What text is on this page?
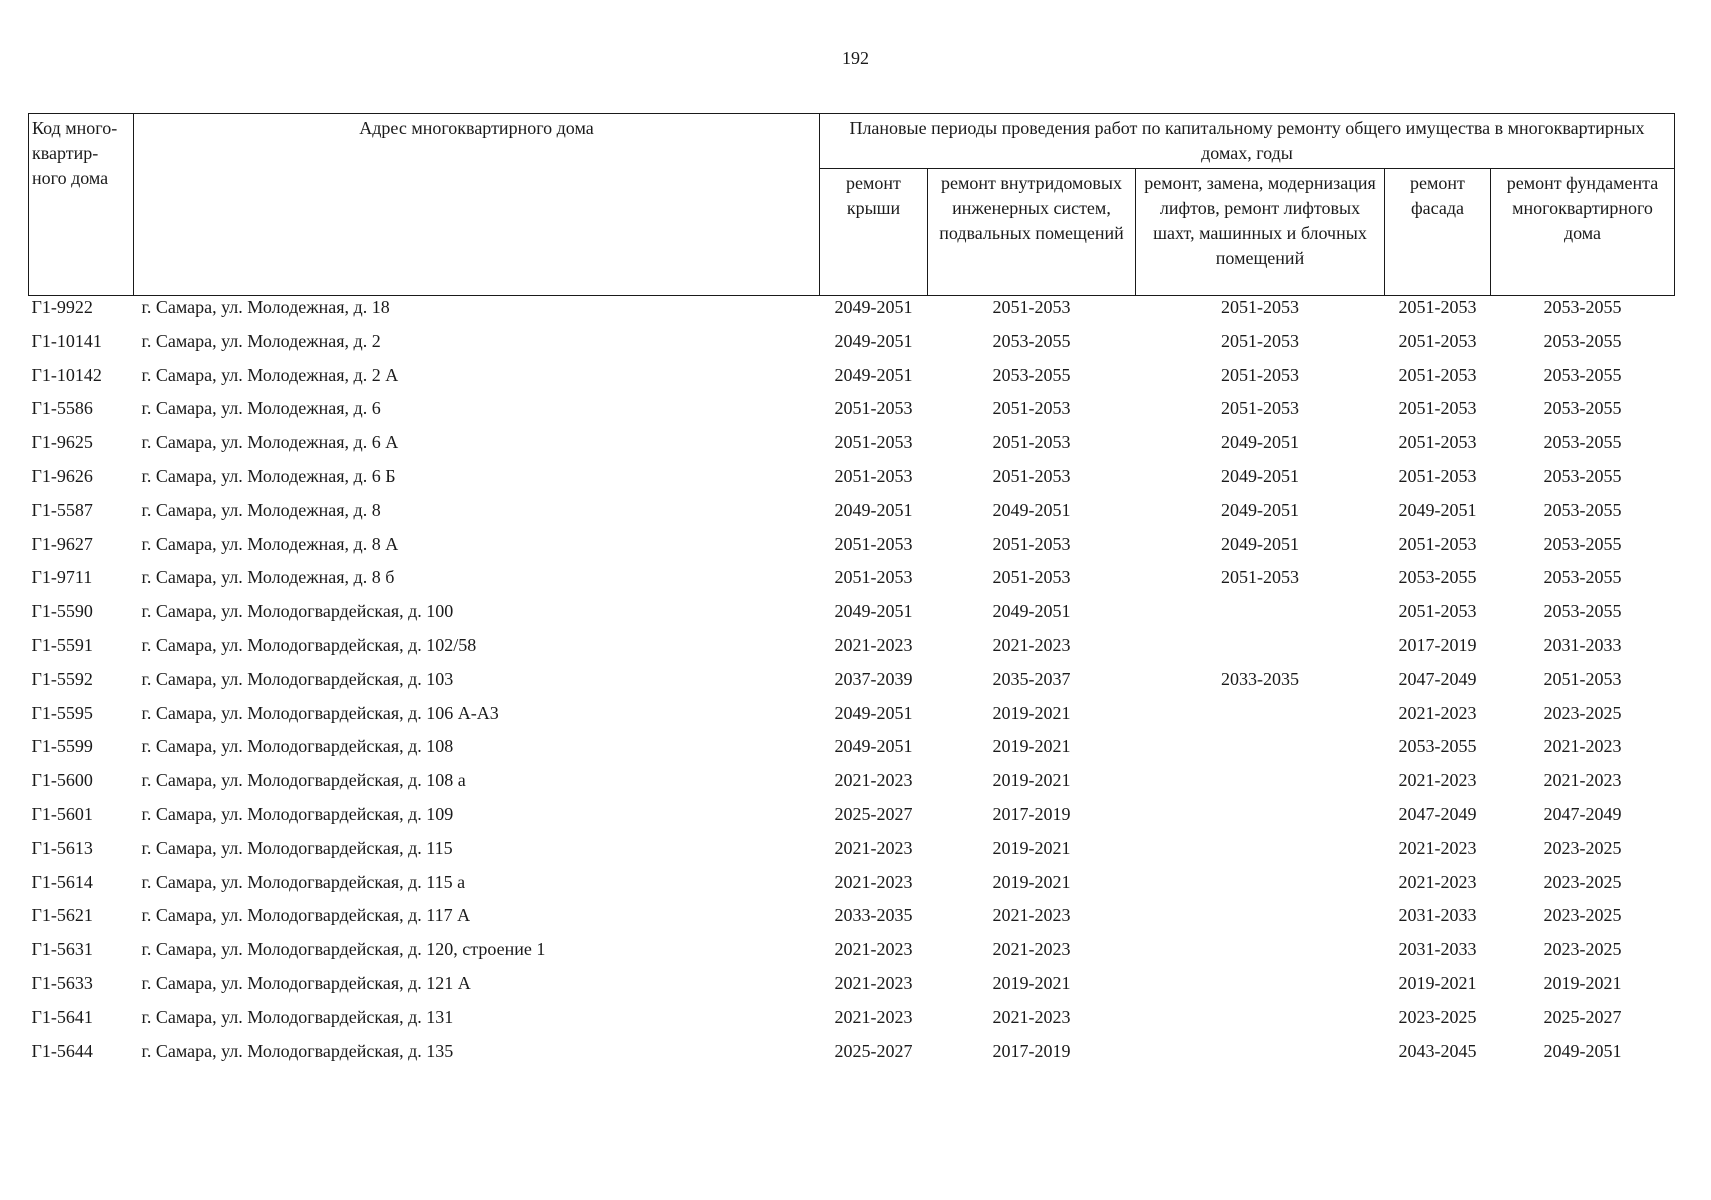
192
Код много-квартир-ного дома	Адрес многоквартирного дома	Плановые периоды проведения работ по капитальному ремонту общего имущества в многоквартирных домах, годы				
		ремонт крыши	ремонт внутридомовых инженерных систем, подвальных помещений	ремонт, замена, модернизация лифтов, ремонт лифтовых шахт, машинных и блочных помещений	ремонт фасада	ремонт фундамента многоквартирного дома
Г1-9922	г. Самара, ул. Молодежная, д. 18	2049-2051	2051-2053	2051-2053	2051-2053	2053-2055
Г1-10141	г. Самара, ул. Молодежная, д. 2	2049-2051	2053-2055	2051-2053	2051-2053	2053-2055
Г1-10142	г. Самара, ул. Молодежная, д. 2 А	2049-2051	2053-2055	2051-2053	2051-2053	2053-2055
Г1-5586	г. Самара, ул. Молодежная, д. 6	2051-2053	2051-2053	2051-2053	2051-2053	2053-2055
Г1-9625	г. Самара, ул. Молодежная, д. 6 А	2051-2053	2051-2053	2049-2051	2051-2053	2053-2055
Г1-9626	г. Самара, ул. Молодежная, д. 6 Б	2051-2053	2051-2053	2049-2051	2051-2053	2053-2055
Г1-5587	г. Самара, ул. Молодежная, д. 8	2049-2051	2049-2051	2049-2051	2049-2051	2053-2055
Г1-9627	г. Самара, ул. Молодежная, д. 8 А	2051-2053	2051-2053	2049-2051	2051-2053	2053-2055
Г1-9711	г. Самара, ул. Молодежная, д. 8 б	2051-2053	2051-2053	2051-2053	2053-2055	2053-2055
Г1-5590	г. Самара, ул. Молодогвардейская, д. 100	2049-2051	2049-2051		2051-2053	2053-2055
Г1-5591	г. Самара, ул. Молодогвардейская, д. 102/58	2021-2023	2021-2023		2017-2019	2031-2033
Г1-5592	г. Самара, ул. Молодогвардейская, д. 103	2037-2039	2035-2037	2033-2035	2047-2049	2051-2053
Г1-5595	г. Самара, ул. Молодогвардейская, д. 106 А-А3	2049-2051	2019-2021		2021-2023	2023-2025
Г1-5599	г. Самара, ул. Молодогвардейская, д. 108	2049-2051	2019-2021		2053-2055	2021-2023
Г1-5600	г. Самара, ул. Молодогвардейская, д. 108 а	2021-2023	2019-2021		2021-2023	2021-2023
Г1-5601	г. Самара, ул. Молодогвардейская, д. 109	2025-2027	2017-2019		2047-2049	2047-2049
Г1-5613	г. Самара, ул. Молодогвардейская, д. 115	2021-2023	2019-2021		2021-2023	2023-2025
Г1-5614	г. Самара, ул. Молодогвардейская, д. 115 а	2021-2023	2019-2021		2021-2023	2023-2025
Г1-5621	г. Самара, ул. Молодогвардейская, д. 117 А	2033-2035	2021-2023		2031-2033	2023-2025
Г1-5631	г. Самара, ул. Молодогвардейская, д. 120, строение 1	2021-2023	2021-2023		2031-2033	2023-2025
Г1-5633	г. Самара, ул. Молодогвардейская, д. 121 А	2021-2023	2019-2021		2019-2021	2019-2021
Г1-5641	г. Самара, ул. Молодогвардейская, д. 131	2021-2023	2021-2023		2023-2025	2025-2027
Г1-5644	г. Самара, ул. Молодогвардейская, д. 135	2025-2027	2017-2019		2043-2045	2049-2051
